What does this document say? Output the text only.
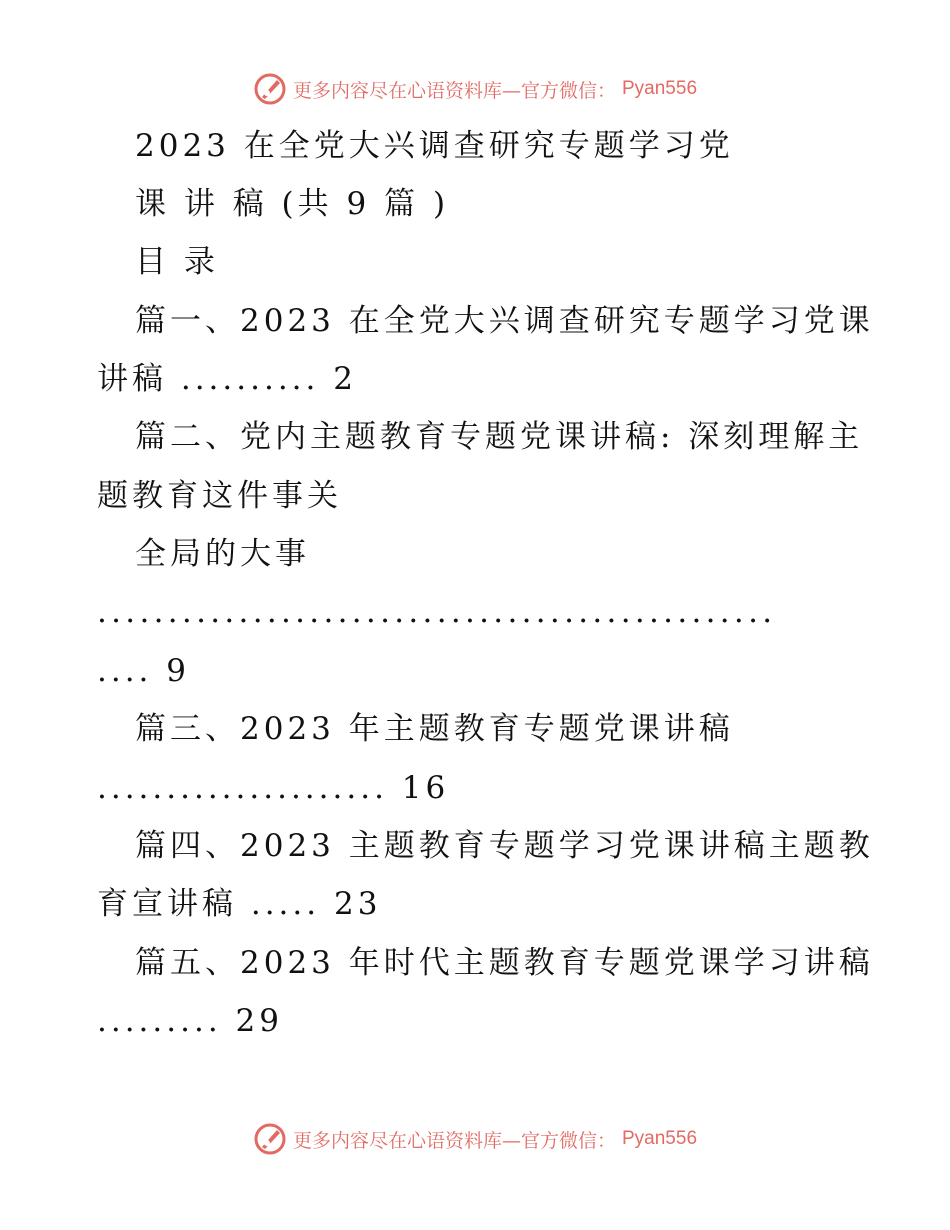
更多内容尽在心语资料库—官方微信： Pyan556
2023 在全党大兴调查研究专题学习党
课 讲 稿 (共 9 篇 )
目 录
篇一、2023 在全党大兴调查研究专题学习党课
讲稿 .......... 2
篇二、党内主题教育专题党课讲稿: 深刻理解主
题教育这件事关
全局的大事
................................................
.... 9
篇三、2023 年主题教育专题党课讲稿
..................... 16
篇四、2023 主题教育专题学习党课讲稿主题教
育宣讲稿 ..... 23
篇五、2023 年时代主题教育专题党课学习讲稿
......... 29
更多内容尽在心语资料库—官方微信： Pyan556
